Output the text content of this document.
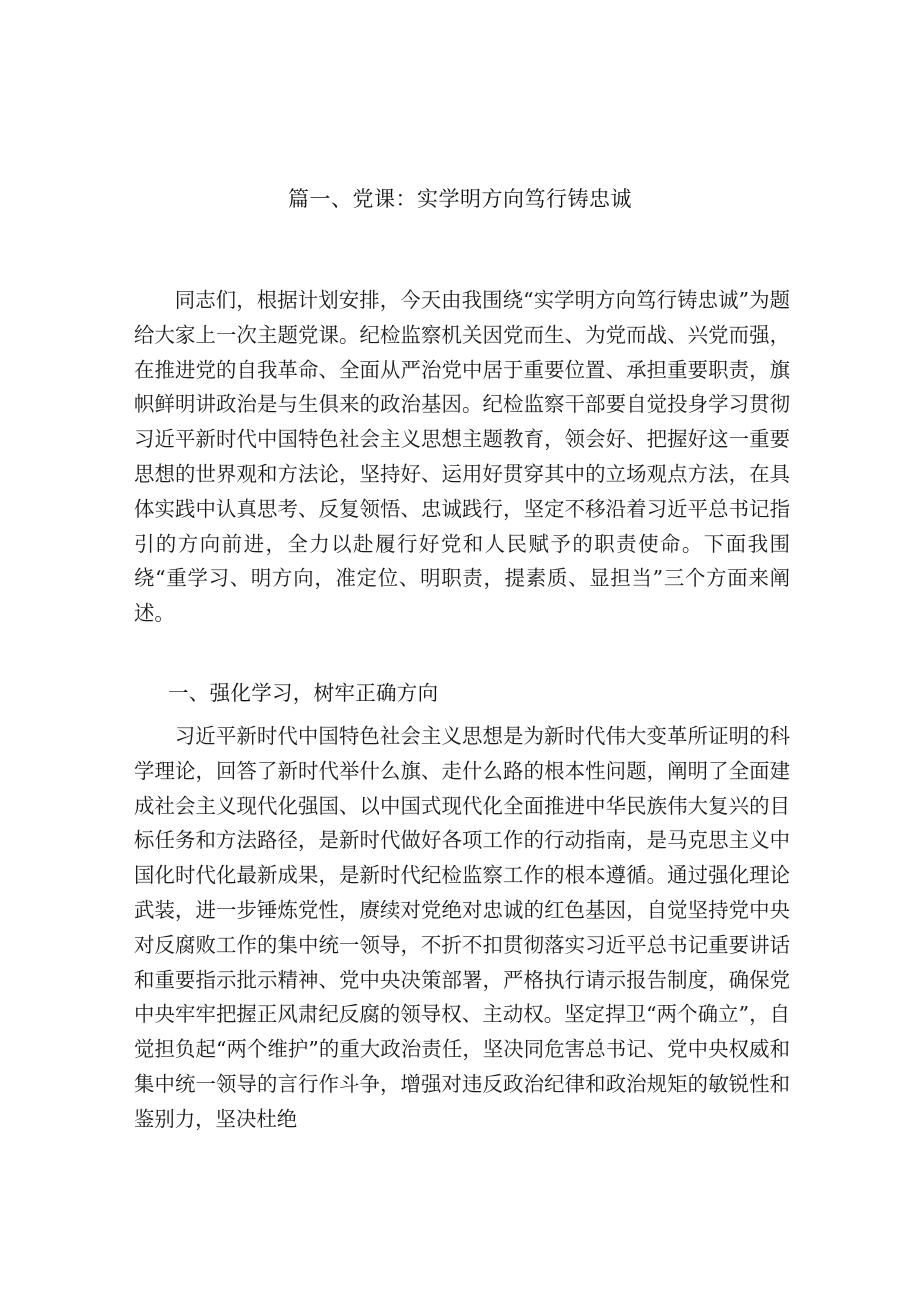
篇一、党课：实学明方向笃行铸忠诚

同志们，根据计划安排，今天由我围绕“实学明方向笃行铸忠诚”为题给大家上一次主题党课。纪检监察机关因党而生、为党而战、兴党而强，在推进党的自我革命、全面从严治党中居于重要位置、承担重要职责，旗帜鲜明讲政治是与生俱来的政治基因。纪检监察干部要自觉投身学习贯彻习近平新时代中国特色社会主义思想主题教育，领会好、把握好这一重要思想的世界观和方法论，坚持好、运用好贯穿其中的立场观点方法，在具体实践中认真思考、反复领悟、忠诚践行，坚定不移沿着习近平总书记指引的方向前进，全力以赴履行好党和人民赋予的职责使命。下面我围绕“重学习、明方向，准定位、明职责，提素质、显担当”三个方面来阐述。

一、强化学习，树牢正确方向

习近平新时代中国特色社会主义思想是为新时代伟大变革所证明的科学理论，回答了新时代举什么旗、走什么路的根本性问题，阐明了全面建成社会主义现代化强国、以中国式现代化全面推进中华民族伟大复兴的目标任务和方法路径，是新时代做好各项工作的行动指南，是马克思主义中国化时代化最新成果，是新时代纪检监察工作的根本遵循。通过强化理论武装，进一步锤炼党性，赓续对党绝对忠诚的红色基因，自觉坚持党中央对反腐败工作的集中统一领导，不折不扣贯彻落实习近平总书记重要讲话和重要指示批示精神、党中央决策部署，严格执行请示报告制度，确保党中央牢牢把握正风肃纪反腐的领导权、主动权。坚定捍卫“两个确立”，自觉担负起“两个维护”的重大政治责任，坚决同危害总书记、党中央权威和集中统一领导的言行作斗争，增强对违反政治纪律和政治规矩的敏锐性和鉴别力，坚决杜绝
